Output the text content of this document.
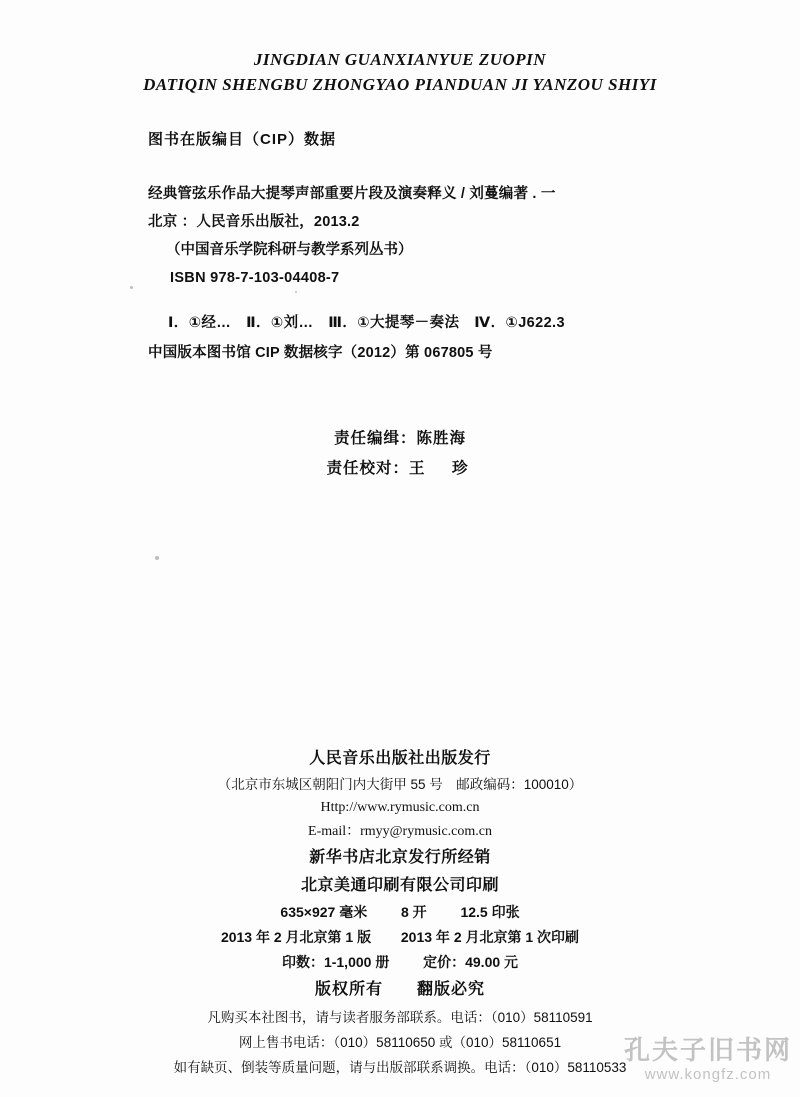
JINGDIAN GUANXIANYUE ZUOPIN
DATIQIN SHENGBU ZHONGYAO PIANDUAN JI YANZOU SHIYI
图书在版编目（CIP）数据
经典管弦乐作品大提琴声部重要片段及演奏释义 / 刘蔓编著 . 一
北京 ：人民音乐出版社，2013.2
（中国音乐学院科研与教学系列丛书）
ISBN 978-7-103-04408-7
Ⅰ．①经…　Ⅱ．①刘…　Ⅲ．①大提琴－奏法　Ⅳ．①J622.3
中国版本图书馆 CIP 数据核字（2012）第 067805 号
责任编缉：陈胜海
责任校对：王　珍
人民音乐出版社出版发行
（北京市东城区朝阳门内大街甲 55 号　邮政编码：100010）
Http://www.rymusic.com.cn
E-mail：rmyy@rymusic.com.cn
新华书店北京发行所经销
北京美通印刷有限公司印刷
635×927 毫米 8 开 12.5 印张
2013 年 2 月北京第 1 版 2013 年 2 月北京第 1 次印刷
印数：1-1,000 册 定价：49.00 元
版权所有　　翻版必究
凡购买本社图书，请与读者服务部联系。电话：（010）58110591
网上售书电话：（010）58110650 或（010）58110651
如有缺页、倒装等质量问题，请与出版部联系调换。电话：（010）58110533
孔夫子旧书网
www.kongfz.com
